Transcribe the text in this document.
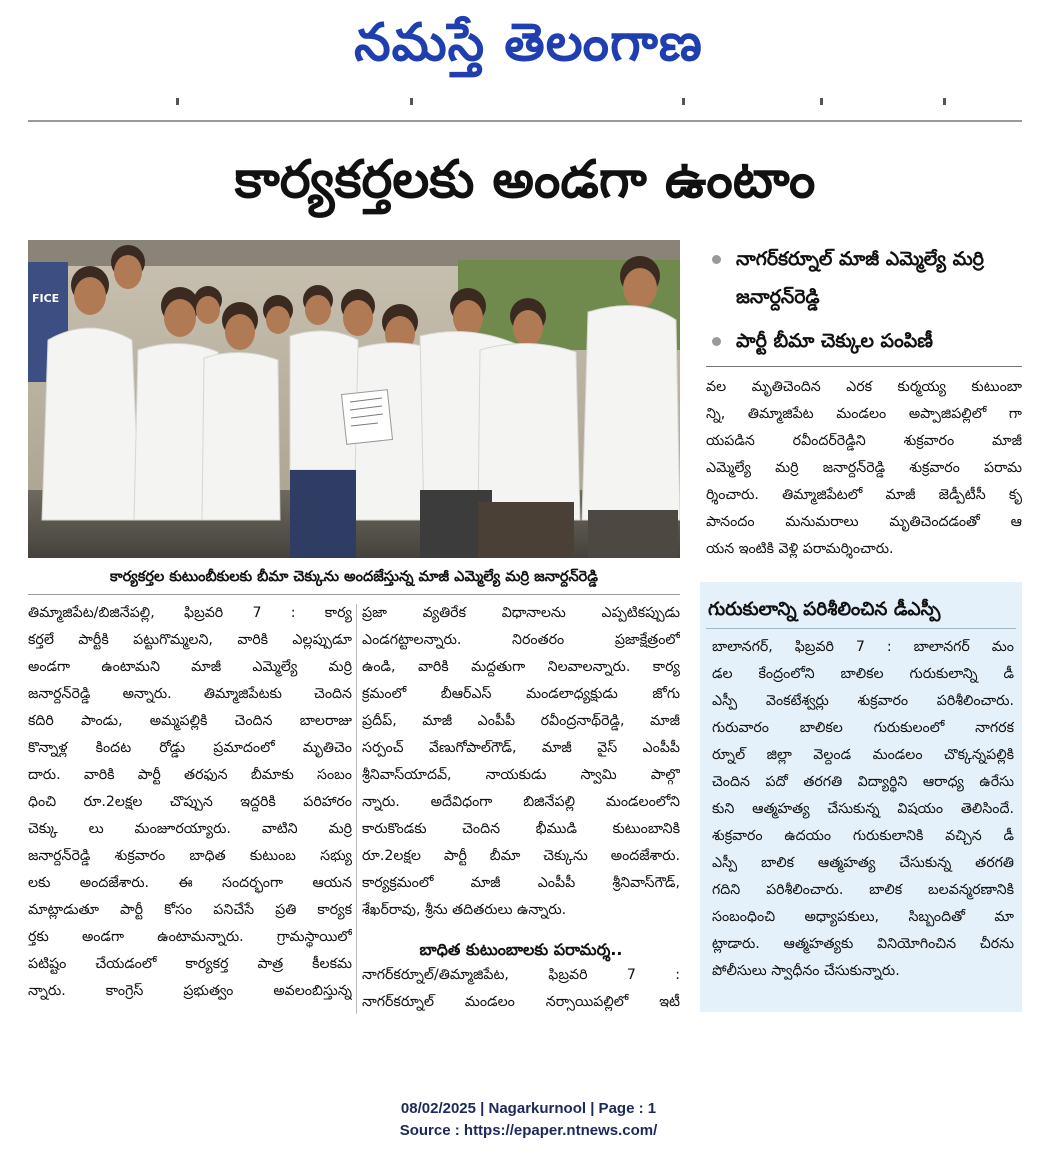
నమస్తే తెలంగాణ
కార్యకర్తలకు అండగా ఉంటాం
FICE
కార్యకర్తల కుటుంబీకులకు బీమా చెక్కును అందజేస్తున్న మాజీ ఎమ్మెల్యే మర్రి జనార్దన్‌రెడ్డి
నాగర్‌కర్నూల్ మాజీ ఎమ్మెల్యే మర్రి జనార్దన్‌రెడ్డి
పార్టీ బీమా చెక్కుల పంపిణీ
వల మృతిచెందిన ఎరక కుర్మయ్య కుటుంబా
న్ని, తిమ్మాజిపేట మండలం అప్పాజిపల్లిలో గా
యపడిన రవీందర్‌రెడ్డిని శుక్రవారం మాజీ
ఎమ్మెల్యే మర్రి జనార్దన్‌రెడ్డి శుక్రవారం పరామ
ర్శించారు. తిమ్మాజిపేటలో మాజీ జెడ్పీటీసీ కృ
పానందం మనుమరాలు మృతిచెందడంతో ఆ
యన ఇంటికి వెళ్లి పరామర్శించారు.
తిమ్మాజిపేట/బిజినేపల్లి, ఫిబ్రవరి 7 : కార్య
కర్తలే పార్టీకి పట్టుగొమ్మలని, వారికి ఎల్లప్పుడూ
అండగా ఉంటామని మాజీ ఎమ్మెల్యే మర్రి
జనార్దన్‌రెడ్డి అన్నారు. తిమ్మాజిపేటకు చెందిన
కదిరి పాండు, అమ్మపల్లికి చెందిన బాలరాజు
కొన్నాళ్ల కిందట రోడ్డు ప్రమాదంలో మృతిచెం
దారు. వారికి పార్టీ తరఫున బీమాకు సంబం
ధించి రూ.2లక్షల చొప్పున ఇద్దరికి పరిహారం
చెక్కు లు మంజూరయ్యారు. వాటిని మర్రి
జనార్దన్‌రెడ్డి శుక్రవారం బాధిత కుటుంబ సభ్యు
లకు అందజేశారు. ఈ సందర్భంగా ఆయన
మాట్లాడుతూ పార్టీ కోసం పనిచేసే ప్రతి కార్యక
ర్తకు అండగా ఉంటామన్నారు. గ్రామస్థాయిలో
పటిష్టం చేయడంలో కార్యకర్త పాత్ర కీలకమ
న్నారు. కాంగ్రెస్ ప్రభుత్వం అవలంబిస్తున్న
ప్రజా వ్యతిరేక విధానాలను ఎప్పటికప్పుడు
ఎండగట్టాలన్నారు. నిరంతరం ప్రజాక్షేత్రంలో
ఉండి, వారికి మద్దతుగా నిలవాలన్నారు. కార్య
క్రమంలో బీఆర్‌ఎస్ మండలాధ్యక్షుడు జోగు
ప్రదీప్, మాజీ ఎంపీపీ రవీంద్రనాథ్‌రెడ్డి, మాజీ
సర్పంచ్ వేణుగోపాల్‌గౌడ్, మాజీ వైస్ ఎంపీపీ
శ్రీనివాస్‌యాదవ్, నాయకుడు స్వామి పాల్గొ
న్నారు. అదేవిధంగా బిజినేపల్లి మండలంలోని
కారుకొండకు చెందిన భీముడి కుటుంబానికి
రూ.2లక్షల పార్టీ బీమా చెక్కును అందజేశారు.
కార్యక్రమంలో మాజీ ఎంపీపీ శ్రీనివాస్‌గౌడ్,
శేఖర్‌రావు, శ్రీను తదితరులు ఉన్నారు.
బాధిత కుటుంబాలకు పరామర్శ..
నాగర్‌కర్నూల్/తిమ్మాజిపేట, ఫిబ్రవరి 7 :
నాగర్‌కర్నూల్ మండలం నర్సాయిపల్లిలో ఇటీ
గురుకులాన్ని పరిశీలించిన డీఎస్పీ
బాలానగర్, ఫిబ్రవరి 7 : బాలానగర్ మం
డల కేంద్రంలోని బాలికల గురుకులాన్ని డీ
ఎస్పీ వెంకటేశ్వర్లు శుక్రవారం పరిశీలించారు.
గురువారం బాలికల గురుకులంలో నాగరక
ర్నూల్ జిల్లా వెల్దండ మండలం చొక్కన్నపల్లికి
చెందిన పదో తరగతి విద్యార్థిని ఆరాధ్య ఉరేసు
కుని ఆత్మహత్య చేసుకున్న విషయం తెలిసిందే.
శుక్రవారం ఉదయం గురుకులానికి వచ్చిన డీ
ఎస్పీ బాలిక ఆత్మహత్య చేసుకున్న తరగతి
గదిని పరిశీలించారు. బాలిక బలవన్మరణానికి
సంబంధించి అధ్యాపకులు, సిబ్బందితో మా
ట్లాడారు. ఆత్మహత్యకు వినియోగించిన చీరను
పోలీసులు స్వాధీనం చేసుకున్నారు.
08/02/2025 | Nagarkurnool | Page : 1
Source : https://epaper.ntnews.com/
